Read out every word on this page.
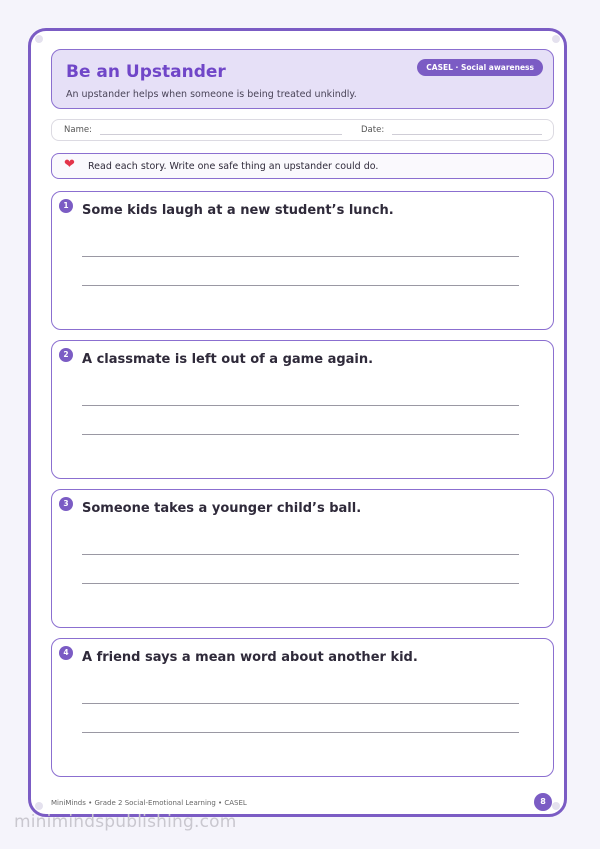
Be an Upstander
An upstander helps when someone is being treated unkindly.
CASEL · Social awareness
Name:	Date:
❤ Read each story. Write one safe thing an upstander could do.
1	Some kids laugh at a new student’s lunch.
2	A classmate is left out of a game again.
3	Someone takes a younger child’s ball.
4	A friend says a mean word about another kid.
MiniMinds • Grade 2 Social-Emotional Learning • CASEL	8
minimindspublishing.com
